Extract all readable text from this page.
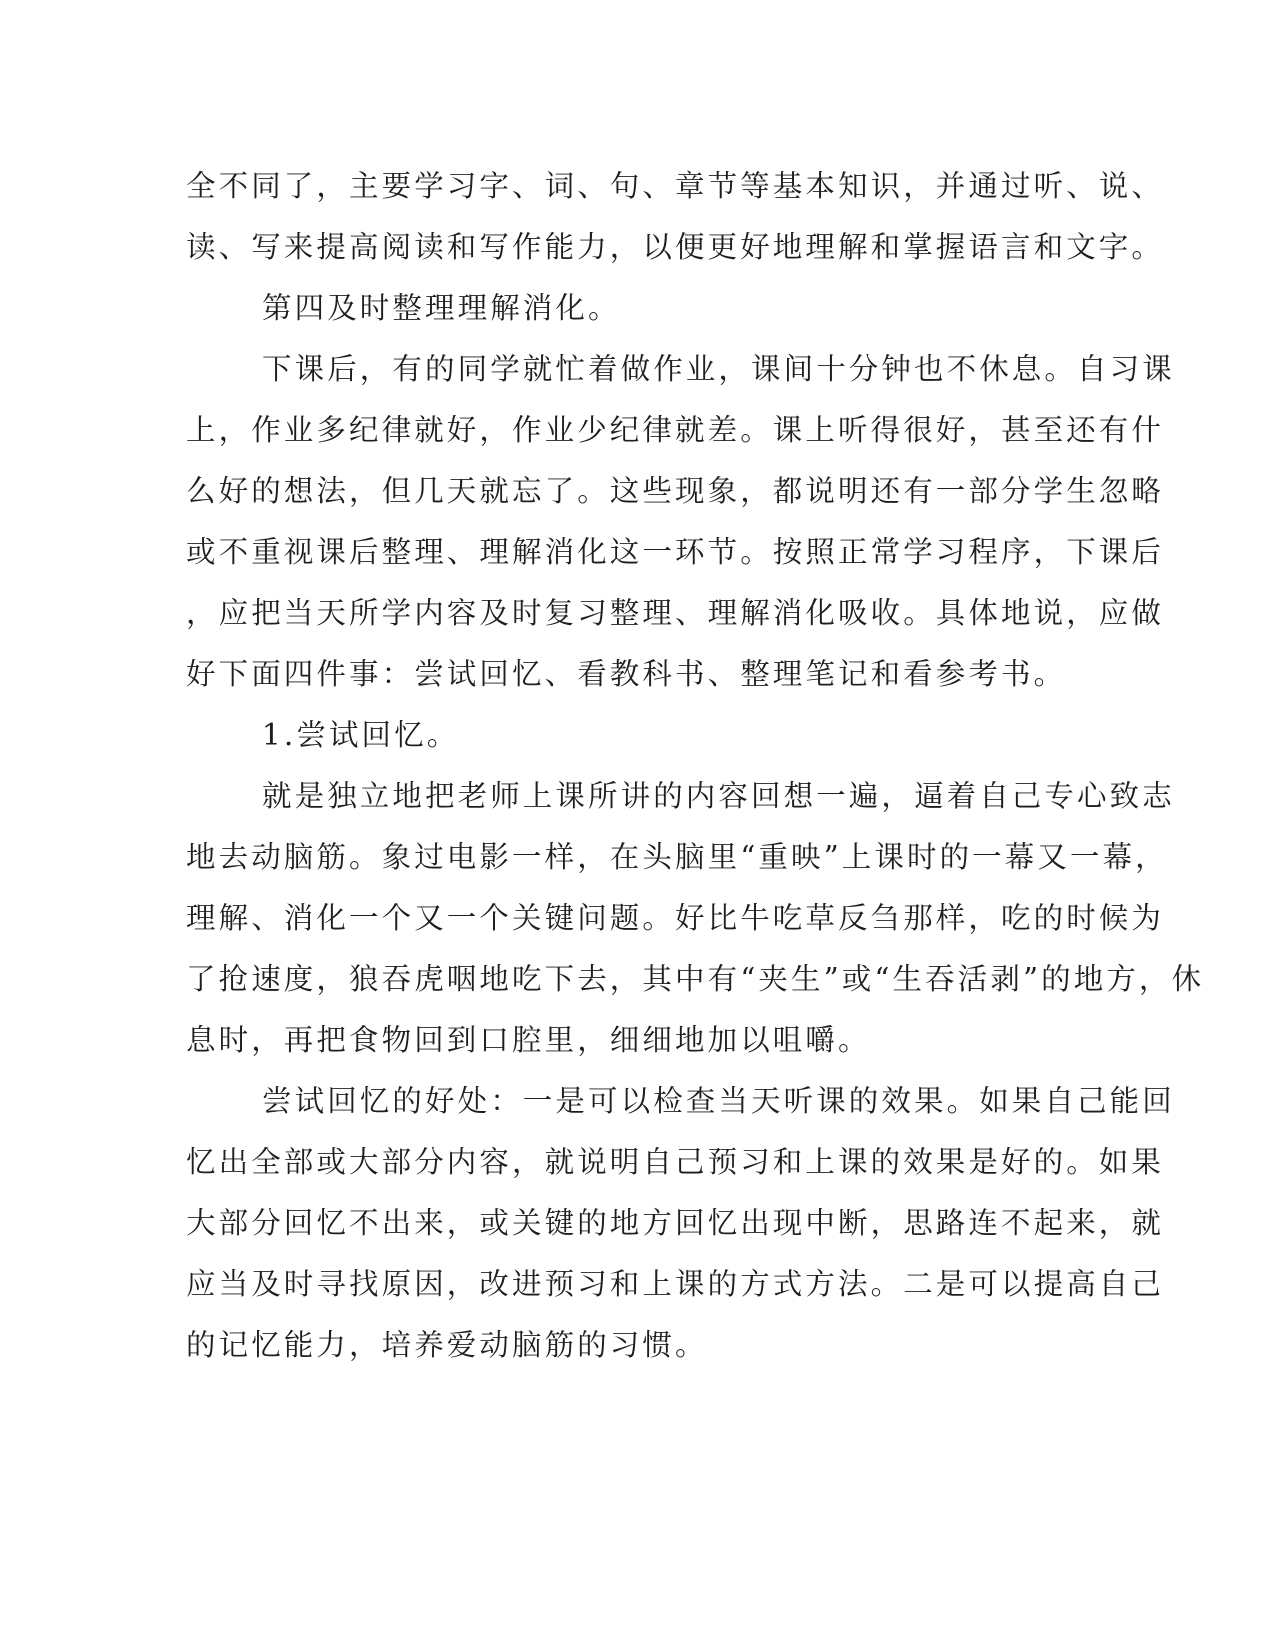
全不同了，主要学习字、词、句、章节等基本知识，并通过听、说、
读、写来提高阅读和写作能力，以便更好地理解和掌握语言和文字。
第四及时整理理解消化。
下课后，有的同学就忙着做作业，课间十分钟也不休息。自习课
上，作业多纪律就好，作业少纪律就差。课上听得很好，甚至还有什
么好的想法，但几天就忘了。这些现象，都说明还有一部分学生忽略
或不重视课后整理、理解消化这一环节。按照正常学习程序，下课后
，应把当天所学内容及时复习整理、理解消化吸收。具体地说，应做
好下面四件事：尝试回忆、看教科书、整理笔记和看参考书。
1.尝试回忆。
就是独立地把老师上课所讲的内容回想一遍，逼着自己专心致志
地去动脑筋。象过电影一样，在头脑里“重映”上课时的一幕又一幕，
理解、消化一个又一个关键问题。好比牛吃草反刍那样，吃的时候为
了抢速度，狼吞虎咽地吃下去，其中有“夹生”或“生吞活剥”的地方，休
息时，再把食物回到口腔里，细细地加以咀嚼。
尝试回忆的好处：一是可以检查当天听课的效果。如果自己能回
忆出全部或大部分内容，就说明自己预习和上课的效果是好的。如果
大部分回忆不出来，或关键的地方回忆出现中断，思路连不起来，就
应当及时寻找原因，改进预习和上课的方式方法。二是可以提高自己
的记忆能力，培养爱动脑筋的习惯。
